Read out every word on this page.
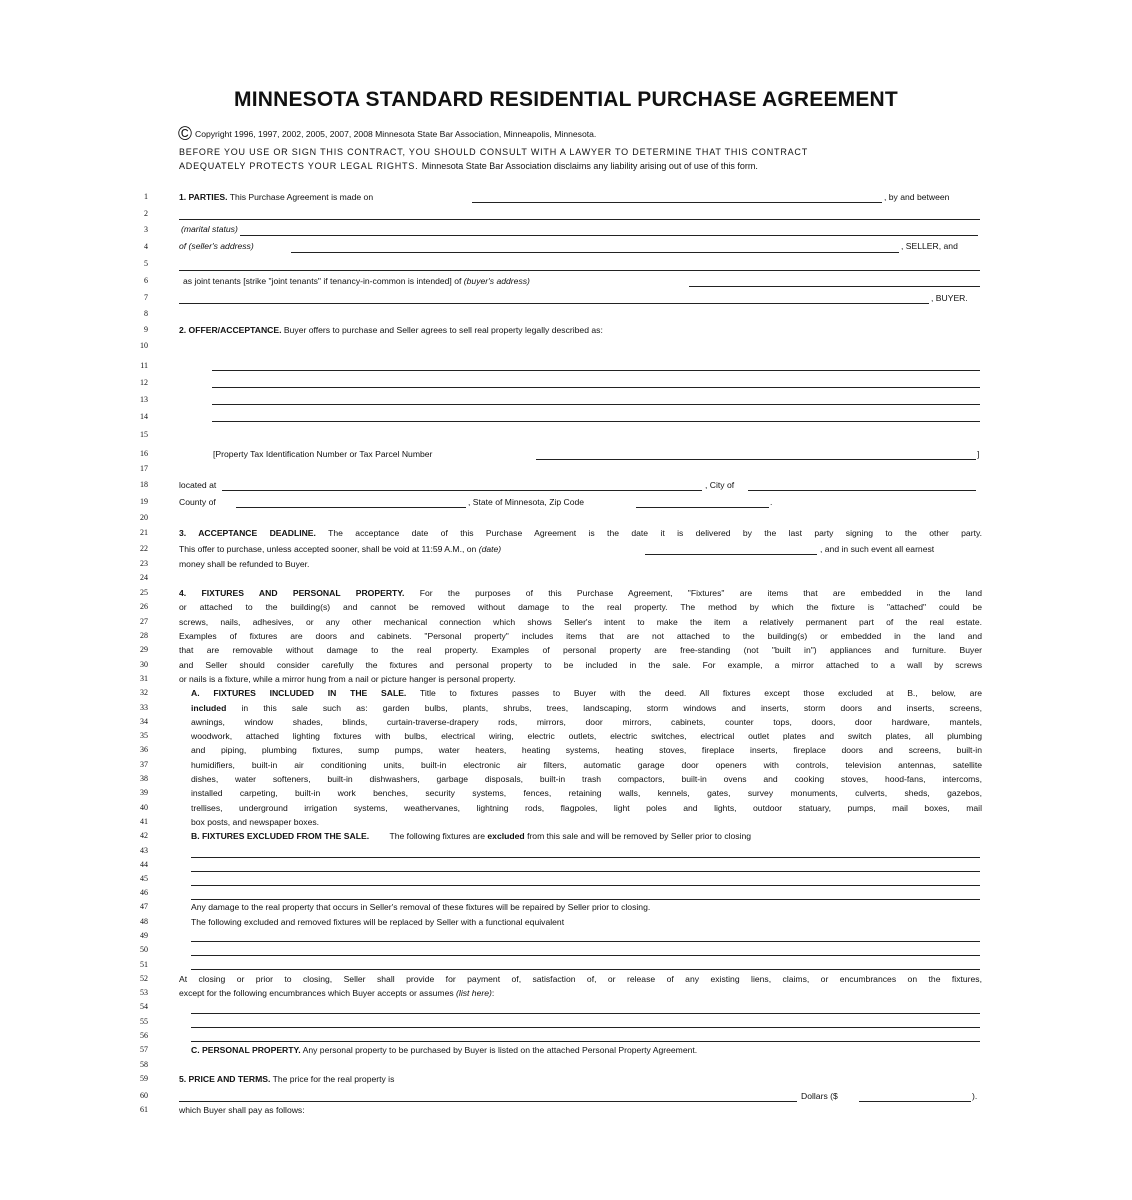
MINNESOTA STANDARD RESIDENTIAL PURCHASE AGREEMENT
© Copyright 1996, 1997, 2002, 2005, 2007, 2008 Minnesota State Bar Association, Minneapolis, Minnesota.
BEFORE YOU USE OR SIGN THIS CONTRACT, YOU SHOULD CONSULT WITH A LAWYER TO DETERMINE THAT THIS CONTRACT
ADEQUATELY PROTECTS YOUR LEGAL RIGHTS. Minnesota State Bar Association disclaims any liability arising out of use of this form.
1
2
3
4
5
6
7
8
9
10
11
12
13
14
15
16
17
18
19
20
21
22
23
24
25
26
27
28
29
30
31
32
33
34
35
36
37
38
39
40
41
42
43
44
45
46
47
48
49
50
51
52
53
54
55
56
57
58
59
60
61
1. PARTIES. This Purchase Agreement is made on	, by and between
(marital status)
of (seller's address)	, SELLER, and
as joint tenants [strike "joint tenants" if tenancy-in-common is intended] of (buyer's address)
, BUYER.
2. OFFER/ACCEPTANCE. Buyer offers to purchase and Seller agrees to sell real property legally described as:
[Property Tax Identification Number or Tax Parcel Number	]
located at	, City of
County of	, State of Minnesota, Zip Code	.
3. ACCEPTANCE DEADLINE. The acceptance date of this Purchase Agreement is the date it is delivered by the last party signing to the other party.
This offer to purchase, unless accepted sooner, shall be void at 11:59 A.M., on (date)	, and in such event all earnest
money shall be refunded to Buyer.
4. FIXTURES AND PERSONAL PROPERTY. For the purposes of this Purchase Agreement, "Fixtures" are items that are embedded in the land
or attached to the building(s) and cannot be removed without damage to the real property. The method by which the fixture is "attached" could be
screws, nails, adhesives, or any other mechanical connection which shows Seller's intent to make the item a relatively permanent part of the real estate.
Examples of fixtures are doors and cabinets. "Personal property" includes items that are not attached to the building(s) or embedded in the land and
that are removable without damage to the real property. Examples of personal property are free-standing (not "built in") appliances and furniture. Buyer
and Seller should consider carefully the fixtures and personal property to be included in the sale. For example, a mirror attached to a wall by screws
or nails is a fixture, while a mirror hung from a nail or picture hanger is personal property.
A. FIXTURES INCLUDED IN THE SALE. Title to fixtures passes to Buyer with the deed. All fixtures except those excluded at B., below, are
included in this sale such as: garden bulbs, plants, shrubs, trees, landscaping, storm windows and inserts, storm doors and inserts, screens,
awnings, window shades, blinds, curtain-traverse-drapery rods, mirrors, door mirrors, cabinets, counter tops, doors, door hardware, mantels,
woodwork, attached lighting fixtures with bulbs, electrical wiring, electric outlets, electric switches, electrical outlet plates and switch plates, all plumbing
and piping, plumbing fixtures, sump pumps, water heaters, heating systems, heating stoves, fireplace inserts, fireplace doors and screens, built-in
humidifiers, built-in air conditioning units, built-in electronic air filters, automatic garage door openers with controls, television antennas, satellite
dishes, water softeners, built-in dishwashers, garbage disposals, built-in trash compactors, built-in ovens and cooking stoves, hood-fans, intercoms,
installed carpeting, built-in work benches, security systems, fences, retaining walls, kennels, gates, survey monuments, culverts, sheds, gazebos,
trellises, underground irrigation systems, weathervanes, lightning rods, flagpoles, light poles and lights, outdoor statuary, pumps, mail boxes, mail
box posts, and newspaper boxes.
B. FIXTURES EXCLUDED FROM THE SALE. The following fixtures are excluded from this sale and will be removed by Seller prior to closing
Any damage to the real property that occurs in Seller's removal of these fixtures will be repaired by Seller prior to closing.
The following excluded and removed fixtures will be replaced by Seller with a functional equivalent
At closing or prior to closing, Seller shall provide for payment of, satisfaction of, or release of any existing liens, claims, or encumbrances on the fixtures,
except for the following encumbrances which Buyer accepts or assumes (list here):
C. PERSONAL PROPERTY. Any personal property to be purchased by Buyer is listed on the attached Personal Property Agreement.
5. PRICE AND TERMS. The price for the real property is
Dollars ($	).
which Buyer shall pay as follows:
